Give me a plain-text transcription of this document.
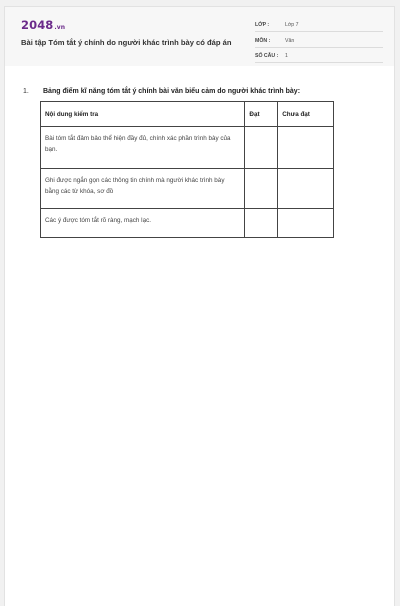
2048.vn
Bài tập Tóm tắt ý chính do người khác trình bày có đáp án
LỚP :	Lớp 7
MÔN :	Văn
SỐ CÂU : 1
1. Bảng điểm kĩ năng tóm tắt ý chính bài văn biểu cảm do người khác trình bày:
Nội dung kiểm tra	Đạt	Chưa đạt
Bài tóm tắt đảm bảo thể hiện đầy đủ, chính xác phần trình bày của bạn.		
Ghi được ngắn gọn các thông tin chính mà người khác trình bày bằng các từ khóa, sơ đồ		
Các ý được tóm tắt rõ ràng, mạch lạc.		
